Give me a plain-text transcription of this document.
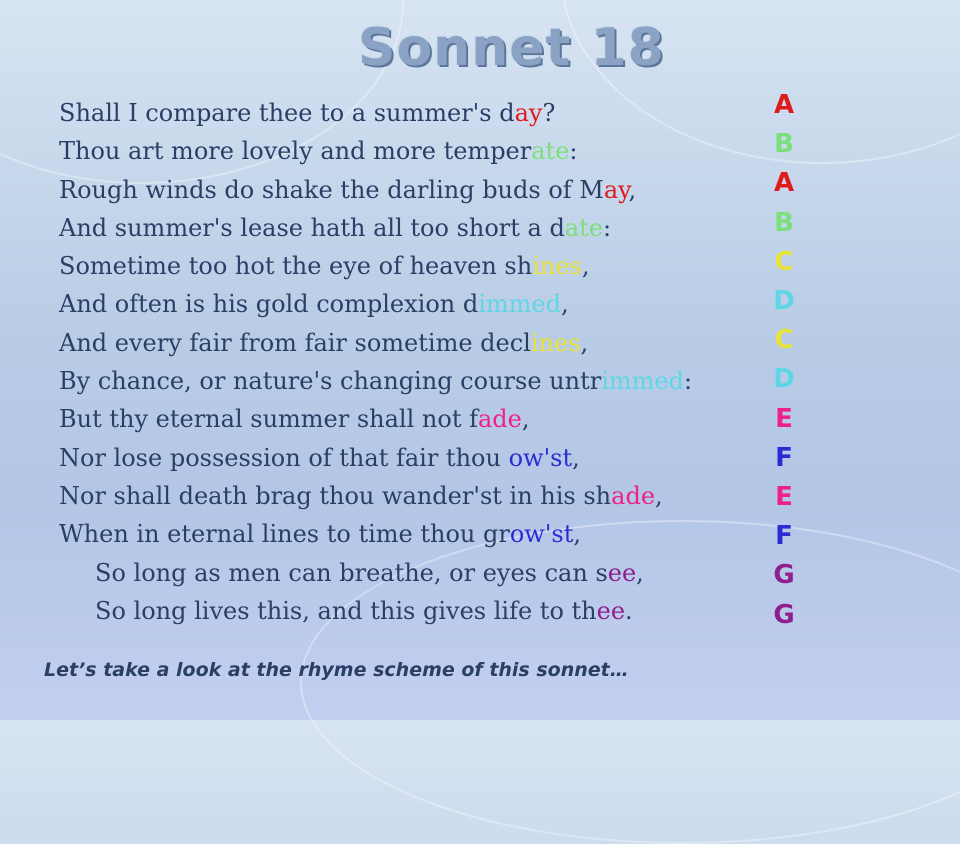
Sonnet 18
Shall I compare thee to a summer's day?
Thou art more lovely and more temperate:
Rough winds do shake the darling buds of May,
And summer's lease hath all too short a date:
Sometime too hot the eye of heaven shines,
And often is his gold complexion dimmed,
And every fair from fair sometime declines,
By chance, or nature's changing course untrimmed:
But thy eternal summer shall not fade,
Nor lose possession of that fair thou ow'st,
Nor shall death brag thou wander'st in his shade,
When in eternal lines to time thou grow'st,
So long as men can breathe, or eyes can see,
So long lives this, and this gives life to thee.
A
B
A
B
C
D
C
D
E
F
E
F
G
G

Let’s take a look at the rhyme scheme of this sonnet…
